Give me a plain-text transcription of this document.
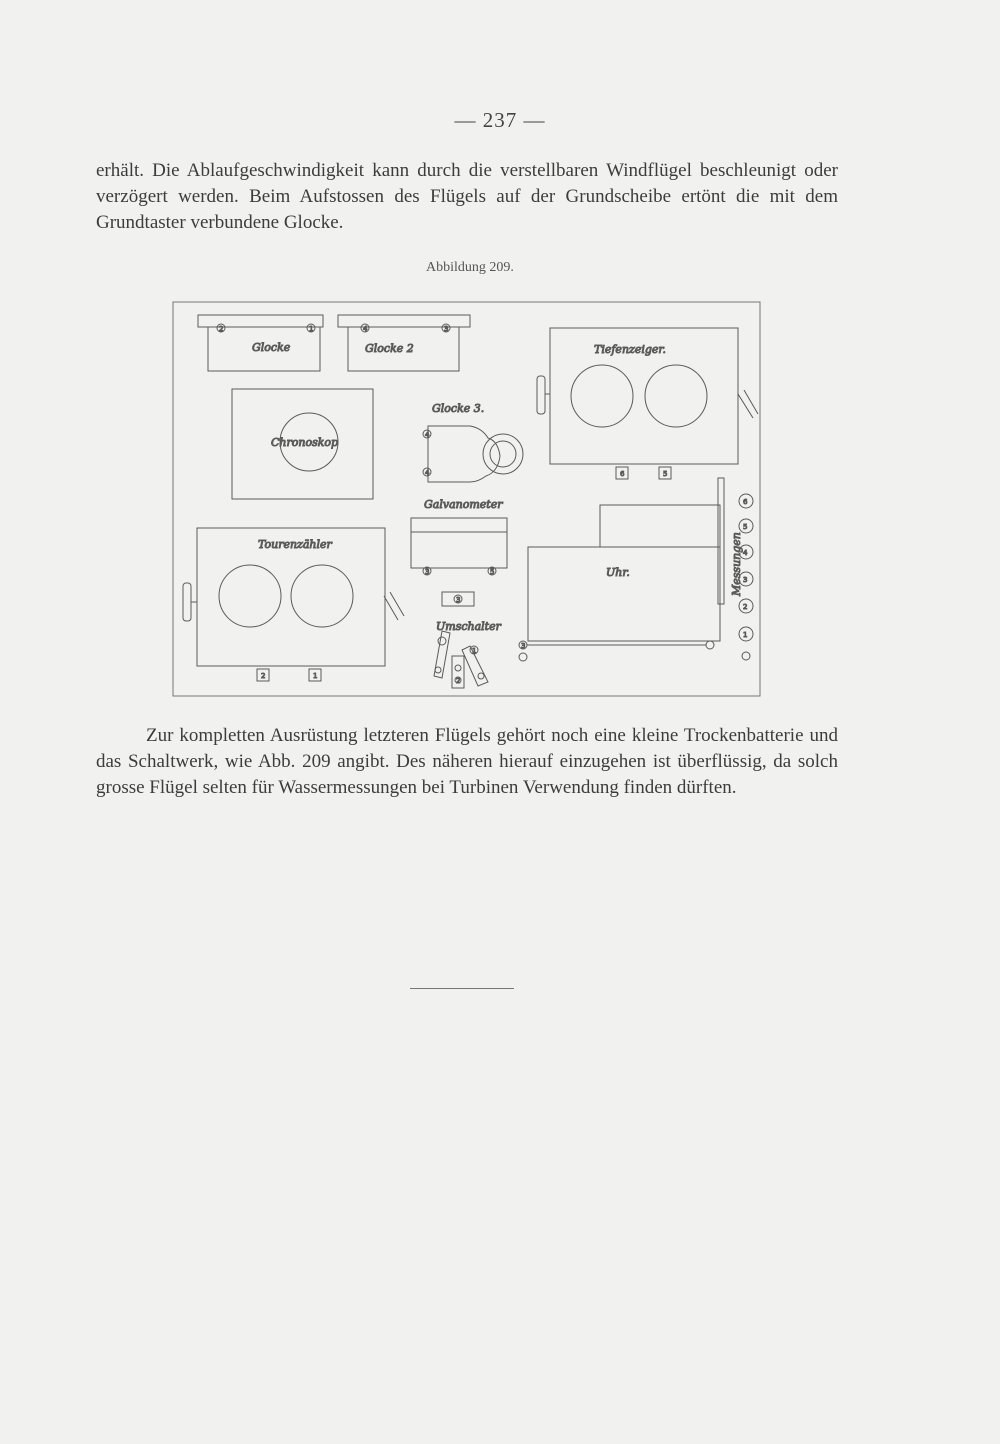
— 237 —
erhält. Die Ablaufgeschwindigkeit kann durch die verstellbaren Windflügel beschleunigt oder verzögert werden. Beim Aufstossen des Flügels auf der Grundscheibe ertönt die mit dem Grundtaster verbundene Glocke.
Abbildung 209.
2	1
Glocke
4	3
Glocke 2
6	5
Tiefenzeiger.
Chronoskop
4
4
Glocke 3.
Galvanometer
3	5
2	1
Tourenzähler
3
Uhr.
3
Umschalter
1
2
Messungen
6
5
4
3
2
1
Zur kompletten Ausrüstung letzteren Flügels gehört noch eine kleine Trockenbatterie und das Schaltwerk, wie Abb. 209 angibt. Des näheren hierauf einzugehen ist überflüssig, da solch grosse Flügel selten für Wassermessungen bei Turbinen Verwendung finden dürften.
